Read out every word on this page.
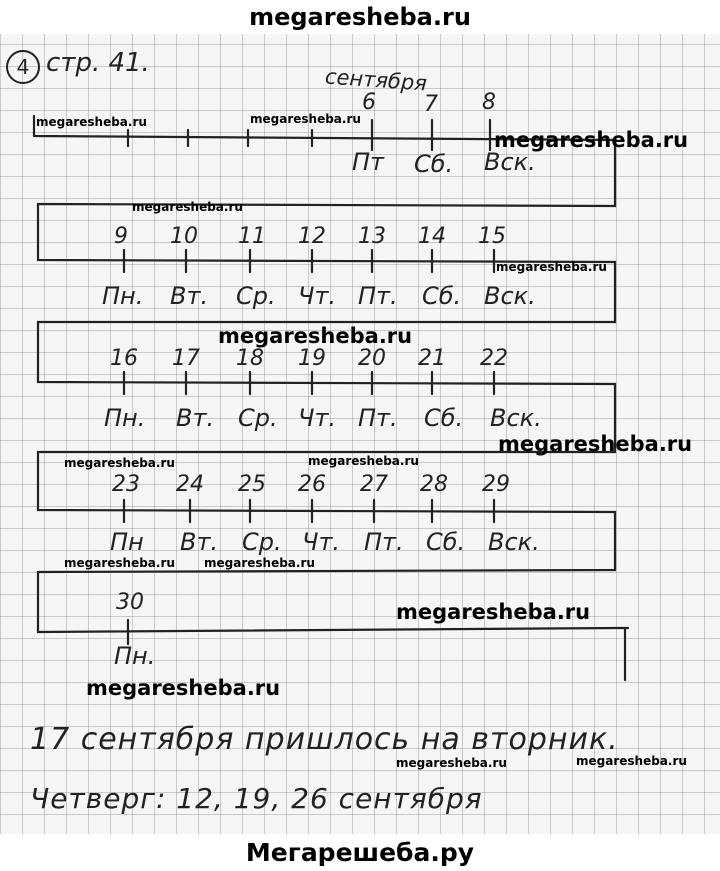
megaresheba.ru
4 стр. 41.
сентября
6 7 8
Пт Сб. Вск.
9 10 11 12 13 14 15
Пн. Вт. Ср. Чт. Пт. Сб. Вск.
16 17 18 19 20 21 22
Пн. Вт. Ср. Чт. Пт. Сб. Вск.
23 24 25 26 27 28 29
Пн Вт. Ср. Чт. Пт. Сб. Вск.
30
Пн.
17 сентября пришлось на вторник.
Четверг: 12, 19, 26 сентября
megaresheba.ru	megaresheba.ru
megaresheba.ru
megaresheba.ru
megaresheba.ru
megaresheba.ru
megaresheba.ru
megaresheba.ru	megaresheba.ru
megaresheba.ru megaresheba.ru
megaresheba.ru
megaresheba.ru
megaresheba.ru	megaresheba.ru
Мегарешеба.ру
